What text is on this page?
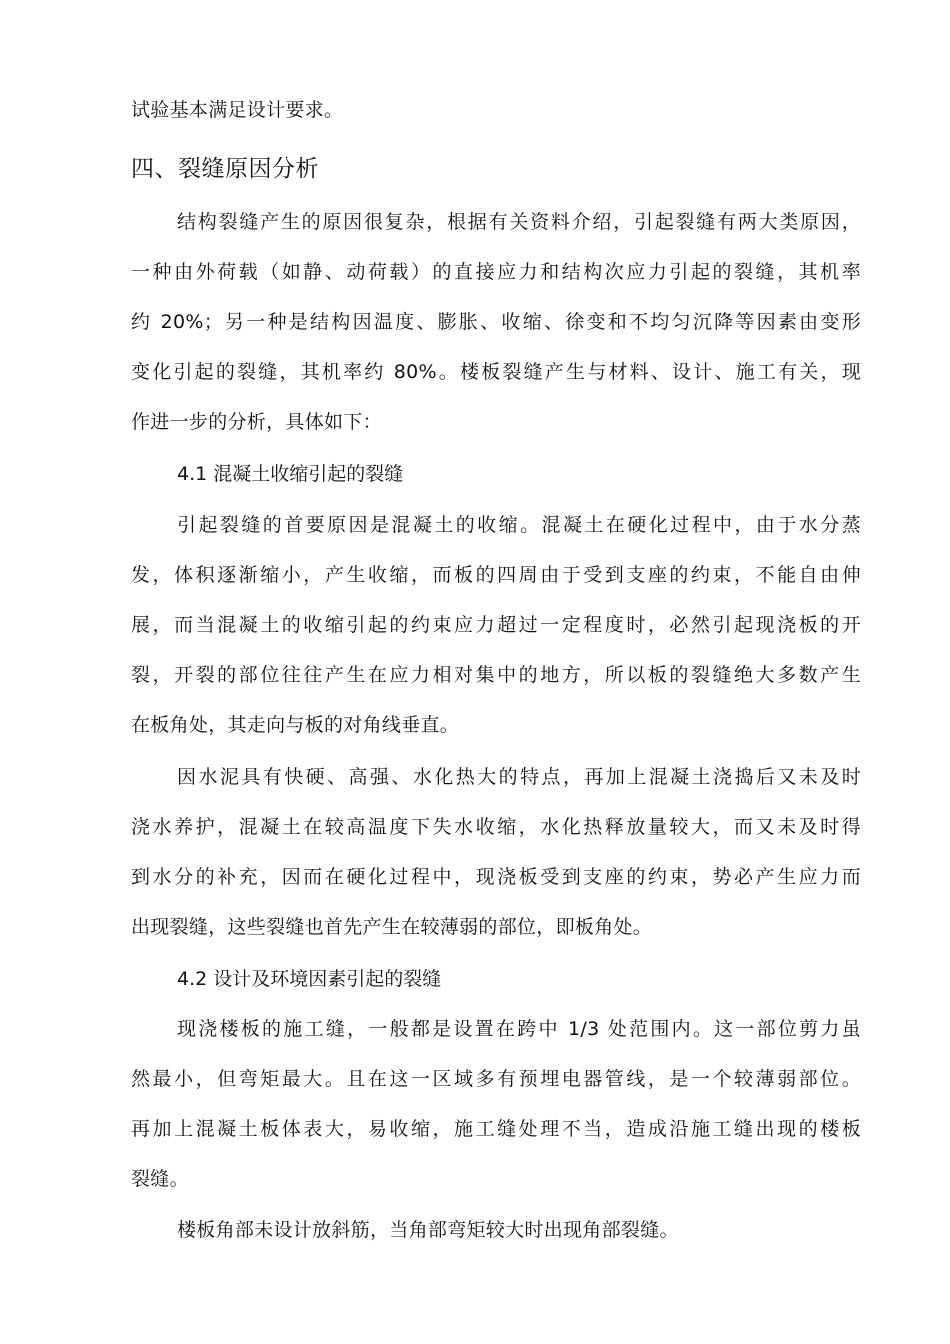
试验基本满足设计要求。
四、裂缝原因分析
结构裂缝产生的原因很复杂，根据有关资料介绍，引起裂缝有两大类原因，
一种由外荷载（如静、动荷载）的直接应力和结构次应力引起的裂缝，其机率
约 20%；另一种是结构因温度、膨胀、收缩、徐变和不均匀沉降等因素由变形
变化引起的裂缝，其机率约 80%。楼板裂缝产生与材料、设计、施工有关，现
作进一步的分析，具体如下：
4.1 混凝土收缩引起的裂缝
引起裂缝的首要原因是混凝土的收缩。混凝土在硬化过程中，由于水分蒸
发，体积逐渐缩小，产生收缩，而板的四周由于受到支座的约束，不能自由伸
展，而当混凝土的收缩引起的约束应力超过一定程度时，必然引起现浇板的开
裂，开裂的部位往往产生在应力相对集中的地方，所以板的裂缝绝大多数产生
在板角处，其走向与板的对角线垂直。
因水泥具有快硬、高强、水化热大的特点，再加上混凝土浇捣后又未及时
浇水养护，混凝土在较高温度下失水收缩，水化热释放量较大，而又未及时得
到水分的补充，因而在硬化过程中，现浇板受到支座的约束，势必产生应力而
出现裂缝，这些裂缝也首先产生在较薄弱的部位，即板角处。
4.2 设计及环境因素引起的裂缝
现浇楼板的施工缝，一般都是设置在跨中 1/3 处范围内。这一部位剪力虽
然最小，但弯矩最大。且在这一区域多有预埋电器管线，是一个较薄弱部位。
再加上混凝土板体表大，易收缩，施工缝处理不当，造成沿施工缝出现的楼板
裂缝。
楼板角部未设计放斜筋，当角部弯矩较大时出现角部裂缝。
